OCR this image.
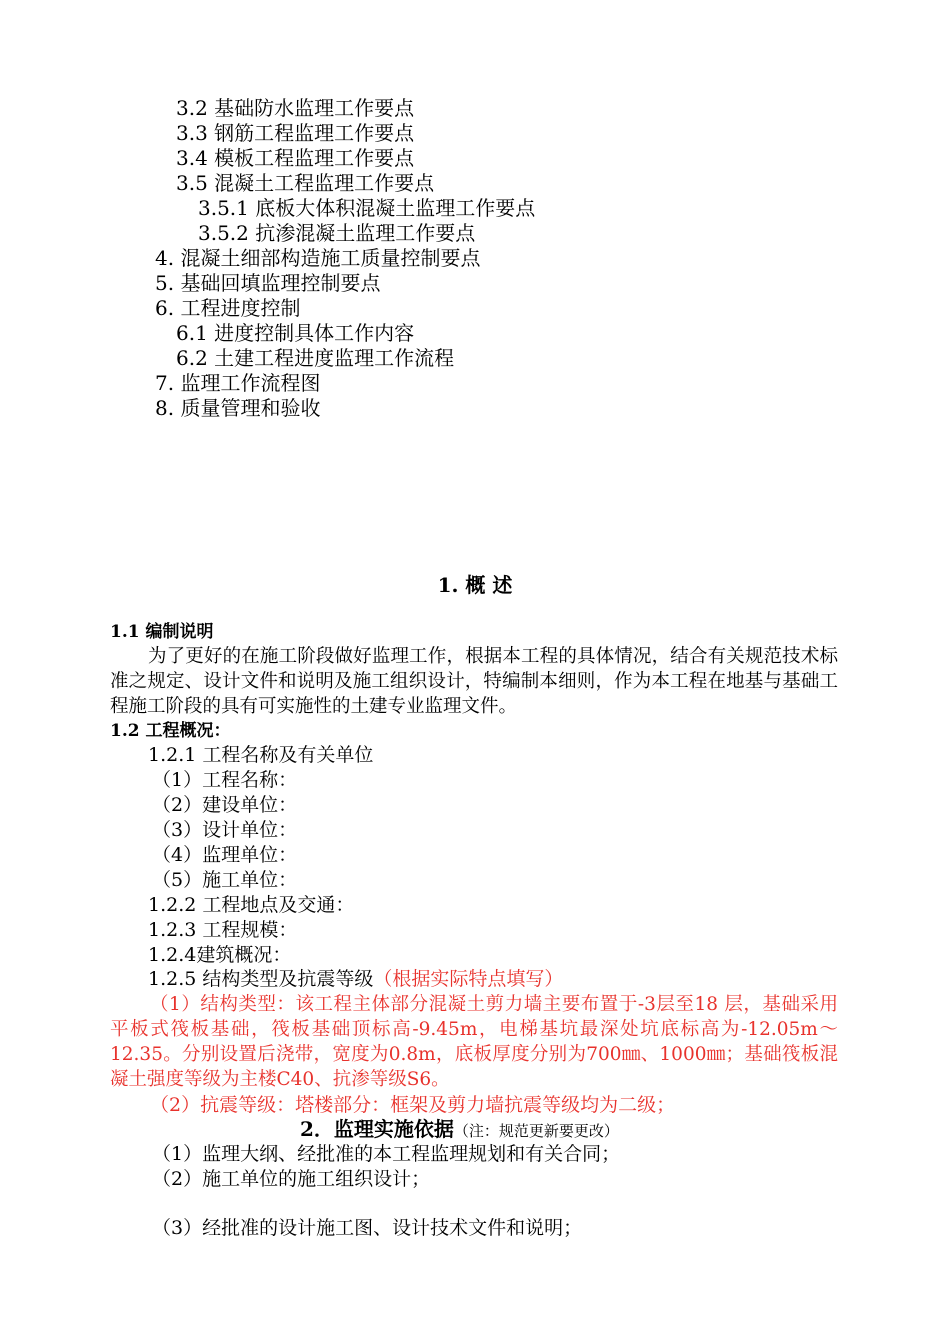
3.2 基础防水监理工作要点
3.3 钢筋工程监理工作要点
3.4 模板工程监理工作要点
3.5 混凝土工程监理工作要点
3.5.1 底板大体积混凝土监理工作要点
3.5.2 抗渗混凝土监理工作要点
4. 混凝土细部构造施工质量控制要点
5. 基础回填监理控制要点
6. 工程进度控制
6.1 进度控制具体工作内容
6.2 土建工程进度监理工作流程
7. 监理工作流程图
8. 质量管理和验收
1. 概 述
1.1 编制说明
为了更好的在施工阶段做好监理工作，根据本工程的具体情况，结合有关规范技术标准之规定、设计文件和说明及施工组织设计，特编制本细则，作为本工程在地基与基础工程施工阶段的具有可实施性的土建专业监理文件。
1.2 工程概况：
1.2.1 工程名称及有关单位
（1）工程名称：
（2）建设单位：
（3）设计单位：
（4）监理单位：
（5）施工单位：
1.2.2 工程地点及交通：
1.2.3 工程规模：
1.2.4建筑概况：
1.2.5 结构类型及抗震等级（根据实际特点填写）
（1）结构类型：该工程主体部分混凝土剪力墙主要布置于-3层至18 层，基础采用平板式筏板基础，筏板基础顶标高-9.45m，电梯基坑最深处坑底标高为-12.05m～12.35。分别设置后浇带，宽度为0.8m，底板厚度分别为700㎜、1000㎜；基础筏板混凝土强度等级为主楼C40、抗渗等级S6。
（2）抗震等级：塔楼部分：框架及剪力墙抗震等级均为二级；
2．监理实施依据（注：规范更新要更改）
（1）监理大纲、经批准的本工程监理规划和有关合同；
（2）施工单位的施工组织设计；
（3）经批准的设计施工图、设计技术文件和说明；
